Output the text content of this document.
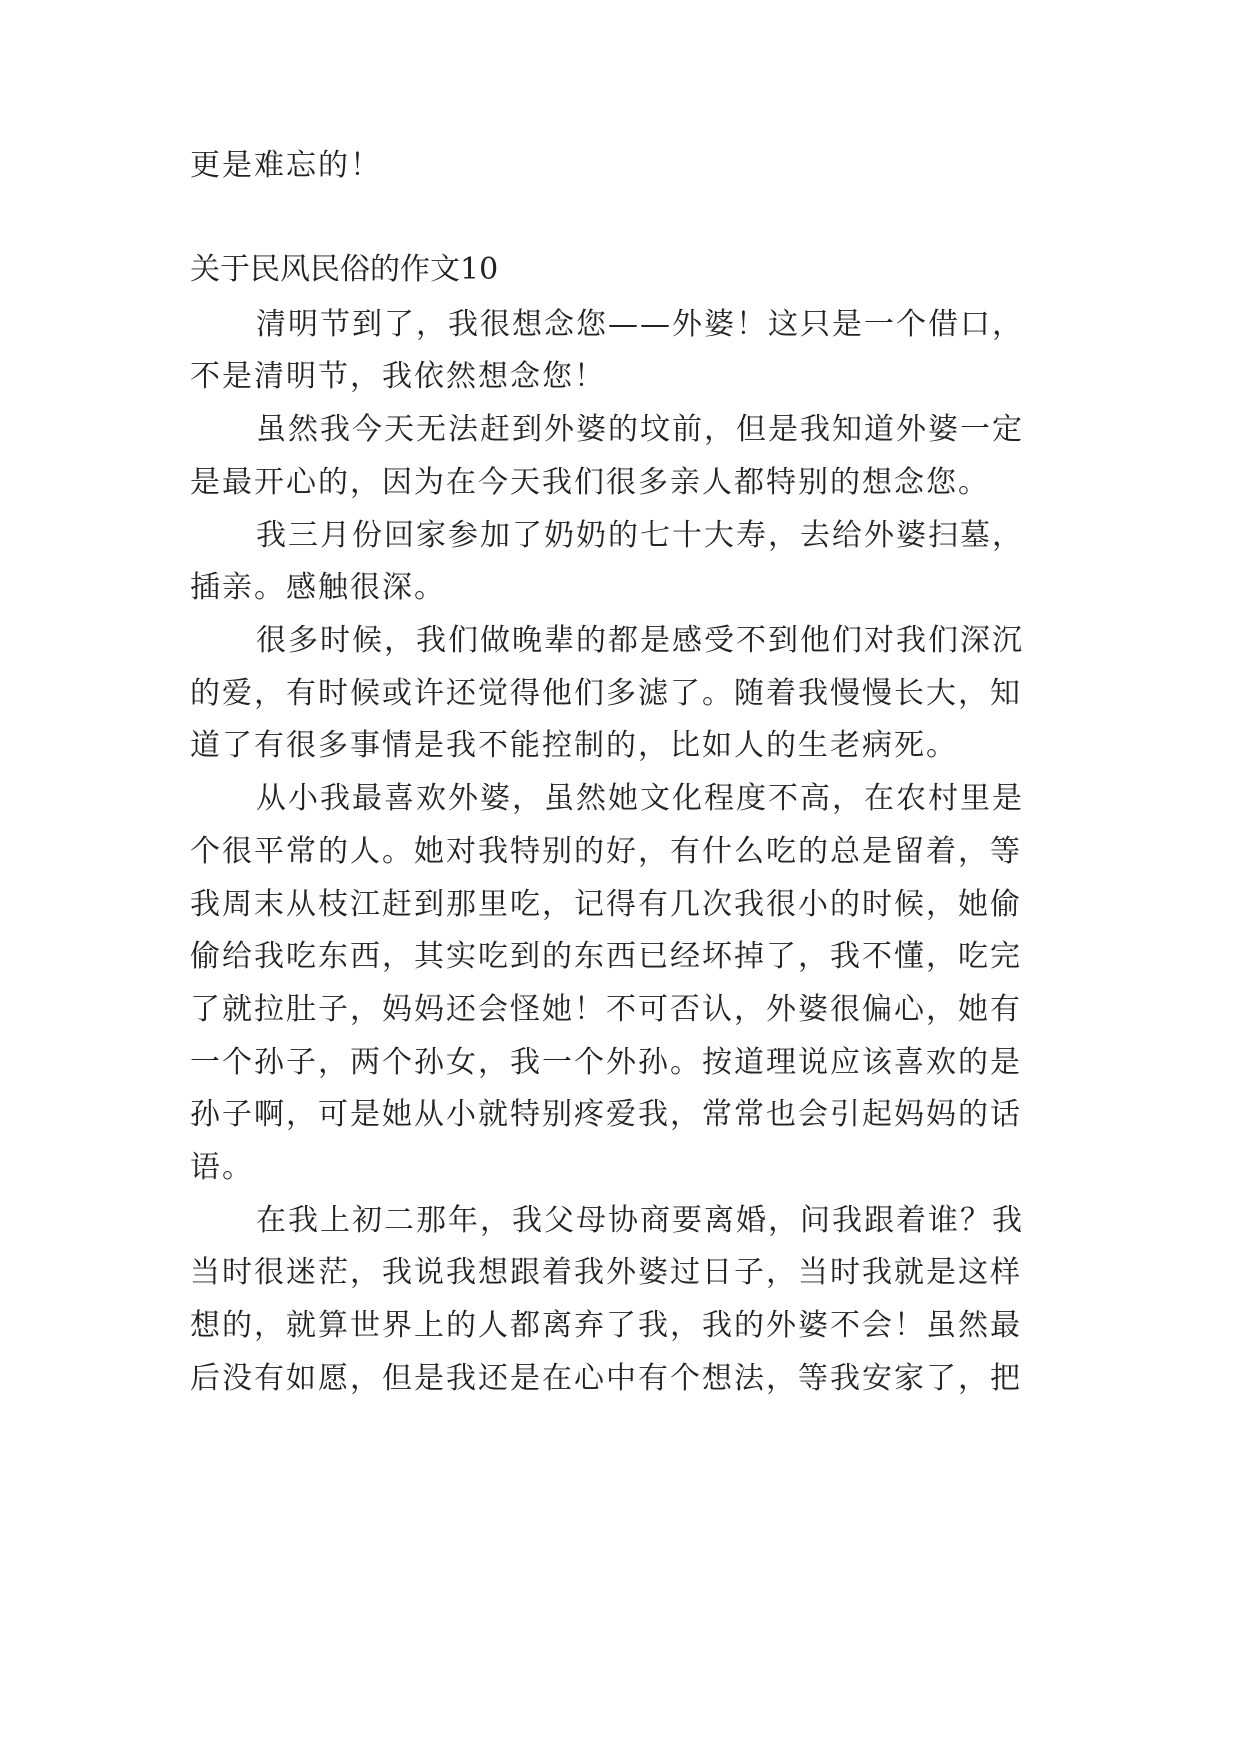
更是难忘的！
关于民风民俗的作文10
清明节到了，我很想念您——外婆！这只是一个借口，
不是清明节，我依然想念您！
虽然我今天无法赶到外婆的坟前，但是我知道外婆一定
是最开心的，因为在今天我们很多亲人都特别的想念您。
我三月份回家参加了奶奶的七十大寿，去给外婆扫墓，
插亲。感触很深。
很多时候，我们做晚辈的都是感受不到他们对我们深沉
的爱，有时候或许还觉得他们多滤了。随着我慢慢长大，知
道了有很多事情是我不能控制的，比如人的生老病死。
从小我最喜欢外婆，虽然她文化程度不高，在农村里是
个很平常的人。她对我特别的好，有什么吃的总是留着，等
我周末从枝江赶到那里吃，记得有几次我很小的时候，她偷
偷给我吃东西，其实吃到的东西已经坏掉了，我不懂，吃完
了就拉肚子，妈妈还会怪她！不可否认，外婆很偏心，她有
一个孙子，两个孙女，我一个外孙。按道理说应该喜欢的是
孙子啊，可是她从小就特别疼爱我，常常也会引起妈妈的话
语。
在我上初二那年，我父母协商要离婚，问我跟着谁？我
当时很迷茫，我说我想跟着我外婆过日子，当时我就是这样
想的，就算世界上的人都离弃了我，我的外婆不会！虽然最
后没有如愿，但是我还是在心中有个想法，等我安家了，把
